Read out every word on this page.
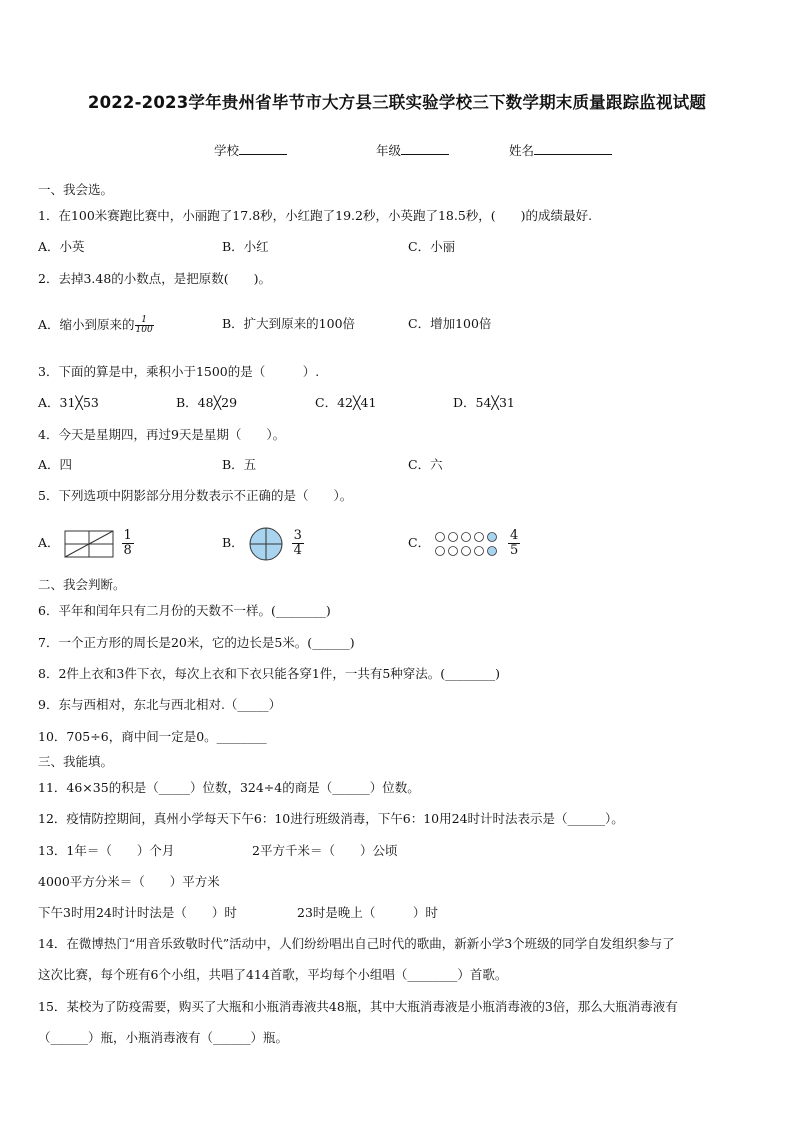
2022-2023学年贵州省毕节市大方县三联实验学校三下数学期末质量跟踪监视试题
学校	年级	姓名
一、我会选。
1．在100米赛跑比赛中，小丽跑了17.8秒，小红跑了19.2秒，小英跑了18.5秒，(　　)的成绩最好.
A．小英	B．小红	C．小丽
2．去掉3.48的小数点，是把原数(　　)。
A．缩小到原来的 $\frac{1}{100}$	B．扩大到原来的100倍	C．增加100倍
3．下面的算是中，乘积小于1500的是（　　　）.
A．31╳53	B．48╳29	C．42╳41	D．54╳31
4．今天是星期四，再过9天是星期（　　）。
A．四	B．五	C．六
5．下列选项中阴影部分用分数表示不正确的是（　　）。
A．	$\frac{1}{8}$	B．	$\frac{3}{4}$	C．	$\frac{4}{5}$
二、我会判断。
6．平年和闰年只有二月份的天数不一样。(________)
7．一个正方形的周长是20米，它的边长是5米。(______)
8．2件上衣和3件下衣，每次上衣和下衣只能各穿1件，一共有5种穿法。(________)
9．东与西相对，东北与西北相对.（_____）
10．705÷6，商中间一定是0。________
三、我能填。
11．46×35的积是（_____）位数，324÷4的商是（______）位数。
12．疫情防控期间，真州小学每天下午6：10进行班级消毒，下午6：10用24时计时法表示是（______）。
13．1年＝（　　）个月	2平方千米＝（　　）公顷
4000平方分米＝（　　）平方米
下午3时用24时计时法是（　　）时	23时是晚上（　　　）时
14．在微博热门“用音乐致敬时代”活动中，人们纷纷唱出自己时代的歌曲，新新小学3个班级的同学自发组织参与了
这次比赛，每个班有6个小组，共唱了414首歌，平均每个小组唱（________）首歌。
15．某校为了防疫需要，购买了大瓶和小瓶消毒液共48瓶，其中大瓶消毒液是小瓶消毒液的3倍，那么大瓶消毒液有
（______）瓶，小瓶消毒液有（______）瓶。
